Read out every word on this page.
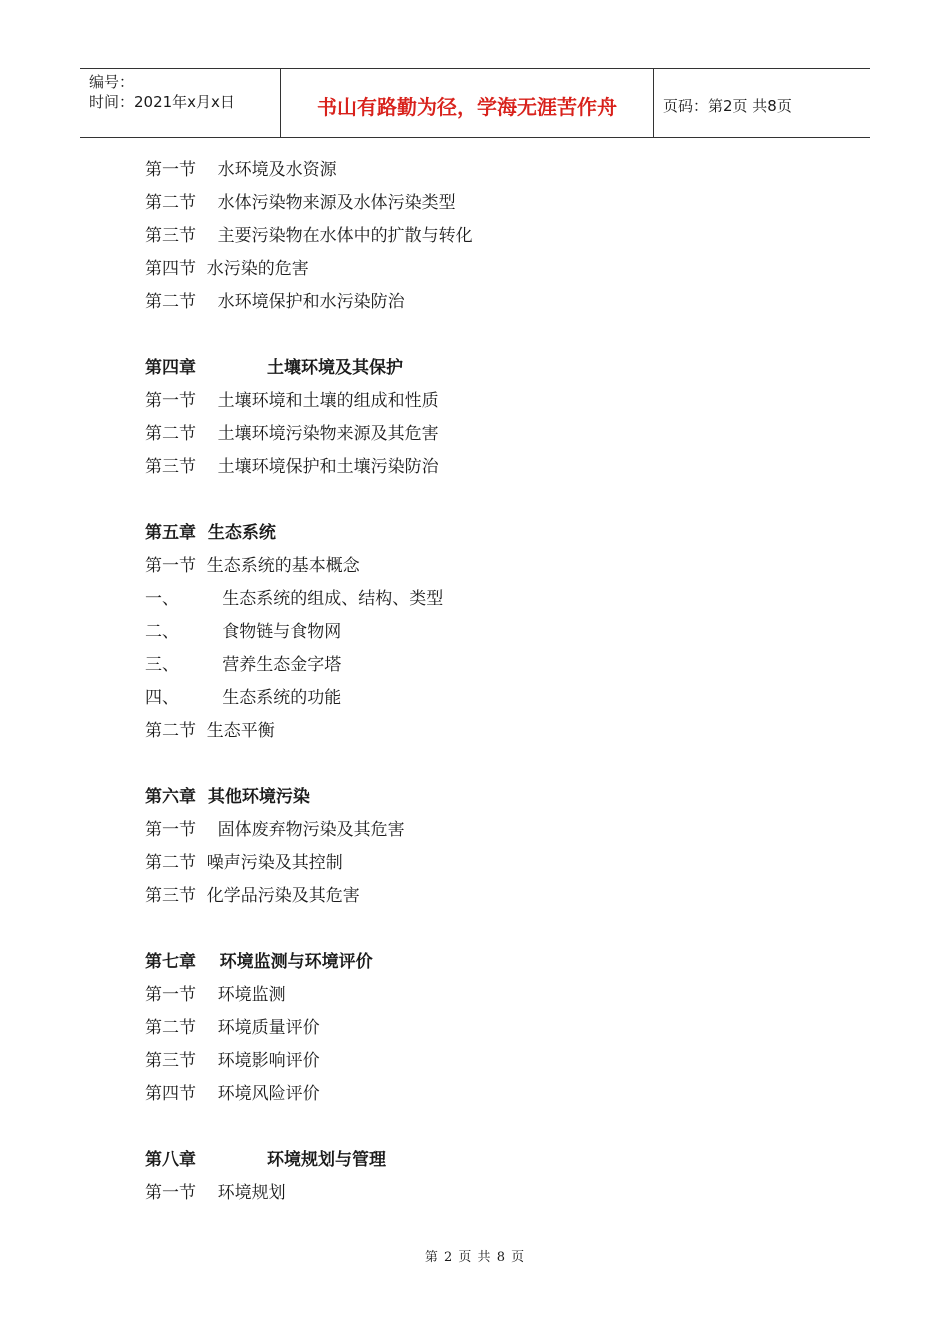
编号：
时间：2021年x月x日	书山有路勤为径，学海无涯苦作舟	页码：第2页 共8页
第一节    水环境及水资源
第二节    水体污染物来源及水体污染类型
第三节    主要污染物在水体中的扩散与转化
第四节  水污染的危害
第二节    水环境保护和水污染防治
第四章            土壤环境及其保护
第一节    土壤环境和土壤的组成和性质
第二节    土壤环境污染物来源及其危害
第三节    土壤环境保护和土壤污染防治
第五章  生态系统
第一节  生态系统的基本概念
一、        生态系统的组成、结构、类型
二、        食物链与食物网
三、        营养生态金字塔
四、        生态系统的功能
第二节  生态平衡
第六章  其他环境污染
第一节    固体废弃物污染及其危害
第二节  噪声污染及其控制
第三节  化学品污染及其危害
第七章    环境监测与环境评价
第一节    环境监测
第二节    环境质量评价
第三节    环境影响评价
第四节    环境风险评价
第八章            环境规划与管理
第一节    环境规划
第 2 页 共 8 页
